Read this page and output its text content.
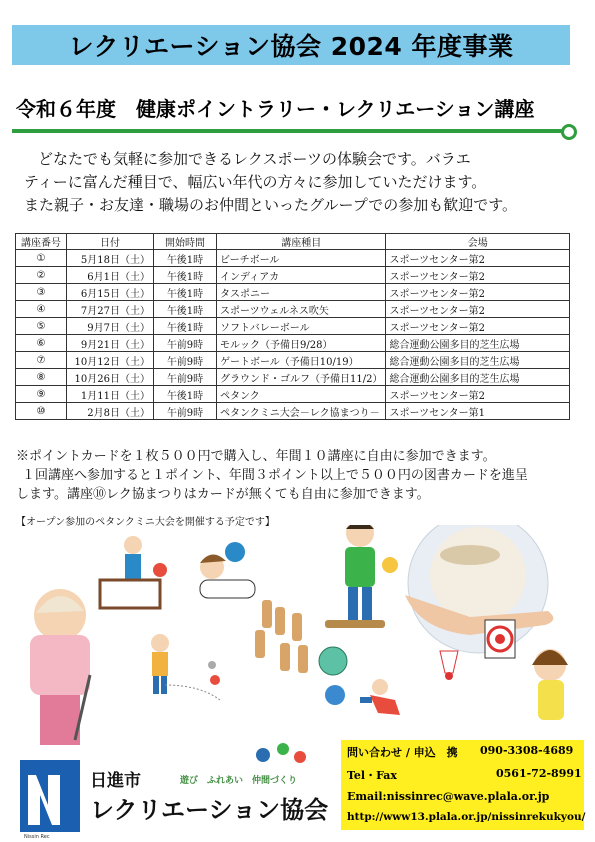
レクリエーション協会 2024 年度事業
令和６年度　健康ポイントラリー・レクリエーション講座
どなたでも気軽に参加できるレクスポーツの体験会です。バラエ
ティーに富んだ種目で、幅広い年代の方々に参加していただけます。
また親子・お友達・職場のお仲間といったグループでの参加も歓迎です。
講座番号	日付	開始時間	講座種目	会場
①	5月18日（土）	午後1時	ビーチボール	スポーツセンター第2
②	6月1日（土）	午後1時	インディアカ	スポーツセンター第2
③	6月15日（土）	午後1時	タスポニー	スポーツセンター第2
④	7月27日（土）	午後1時	スポーツウェルネス吹矢	スポーツセンター第2
⑤	9月7日（土）	午後1時	ソフトバレーボール	スポーツセンター第2
⑥	9月21日（土）	午前9時	モルック（予備日9/28）	総合運動公園多目的芝生広場
⑦	10月12日（土）	午前9時	ゲートボール（予備日10/19）	総合運動公園多目的芝生広場
⑧	10月26日（土）	午前9時	グラウンド・ゴルフ（予備日11/2）	総合運動公園多目的芝生広場
⑨	1月11日（土）	午後1時	ペタンク	スポーツセンター第2
⑩	2月8日（土）	午前9時	ペタンクミニ大会－レク協まつり－	スポーツセンター第1
※ポイントカードを１枚５００円で購入し、年間１０講座に自由に参加できます。
１回講座へ参加すると１ポイント、年間３ポイント以上で５００円の図書カードを進呈
します。講座⑩レク協まつりはカードが無くても自由に参加できます。
【オープン参加のペタンクミニ大会を開催する予定です】
Nissin Rec
日進市	遊び　ふれあい　仲間づくり
レクリエーション協会
問い合わせ / 申込　携 090-3308-4689
Tel・Fax	0561-72-8991
Email:nissinrec@wave.plala.or.jp
http://www13.plala.or.jp/nissinrekukyou/
